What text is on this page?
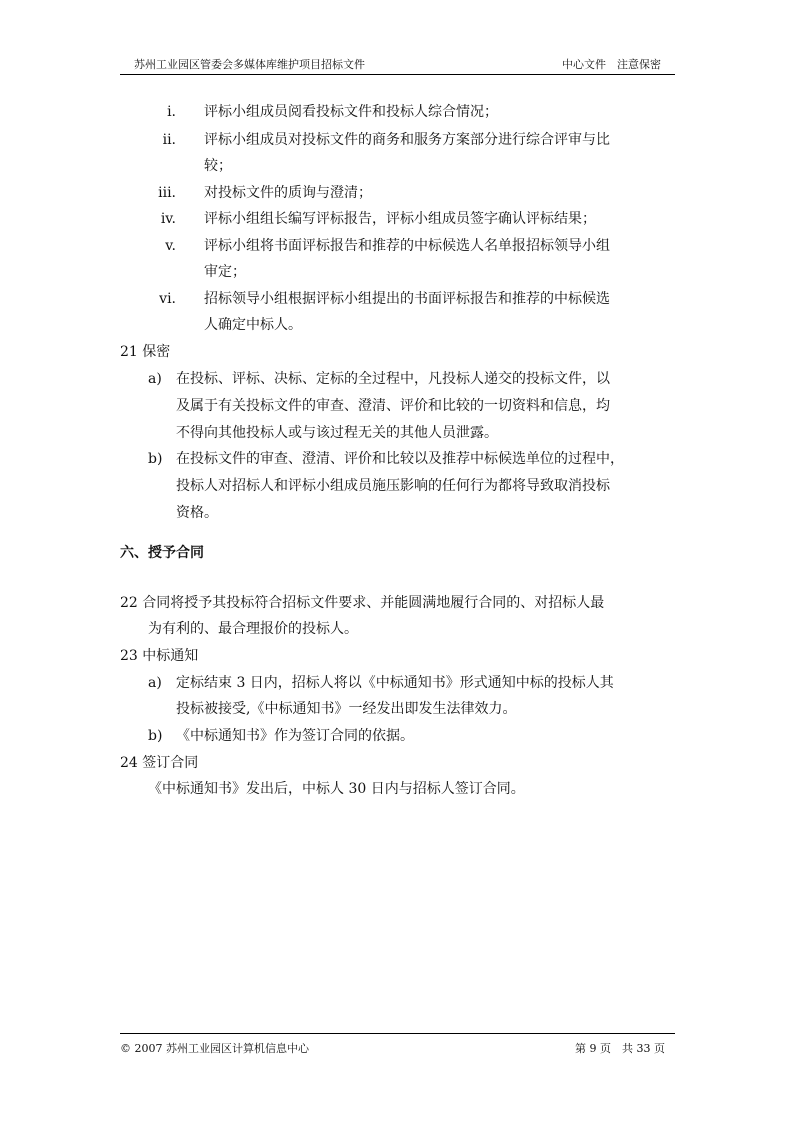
苏州工业园区管委会多媒体库维护项目招标文件	中心文件　注意保密
i. 评标小组成员阅看投标文件和投标人综合情况；
ii. 评标小组成员对投标文件的商务和服务方案部分进行综合评审与比
较；
iii. 对投标文件的质询与澄清；
iv. 评标小组组长编写评标报告，评标小组成员签字确认评标结果；
v. 评标小组将书面评标报告和推荐的中标候选人名单报招标领导小组
审定；
vi. 招标领导小组根据评标小组提出的书面评标报告和推荐的中标候选
人确定中标人。
21 保密
a) 在投标、评标、决标、定标的全过程中，凡投标人递交的投标文件，以
及属于有关投标文件的审查、澄清、评价和比较的一切资料和信息，均
不得向其他投标人或与该过程无关的其他人员泄露。
b) 在投标文件的审查、澄清、评价和比较以及推荐中标候选单位的过程中，
投标人对招标人和评标小组成员施压影响的任何行为都将导致取消投标
资格。
六、授予合同
22 合同将授予其投标符合招标文件要求、并能圆满地履行合同的、对招标人最
为有利的、最合理报价的投标人。
23 中标通知
a) 定标结束 3 日内，招标人将以《中标通知书》形式通知中标的投标人其
投标被接受,《中标通知书》一经发出即发生法律效力。
b) 《中标通知书》作为签订合同的依据。
24 签订合同
《中标通知书》发出后，中标人 30 日内与招标人签订合同。
© 2007 苏州工业园区计算机信息中心	第 9 页　共 33 页
